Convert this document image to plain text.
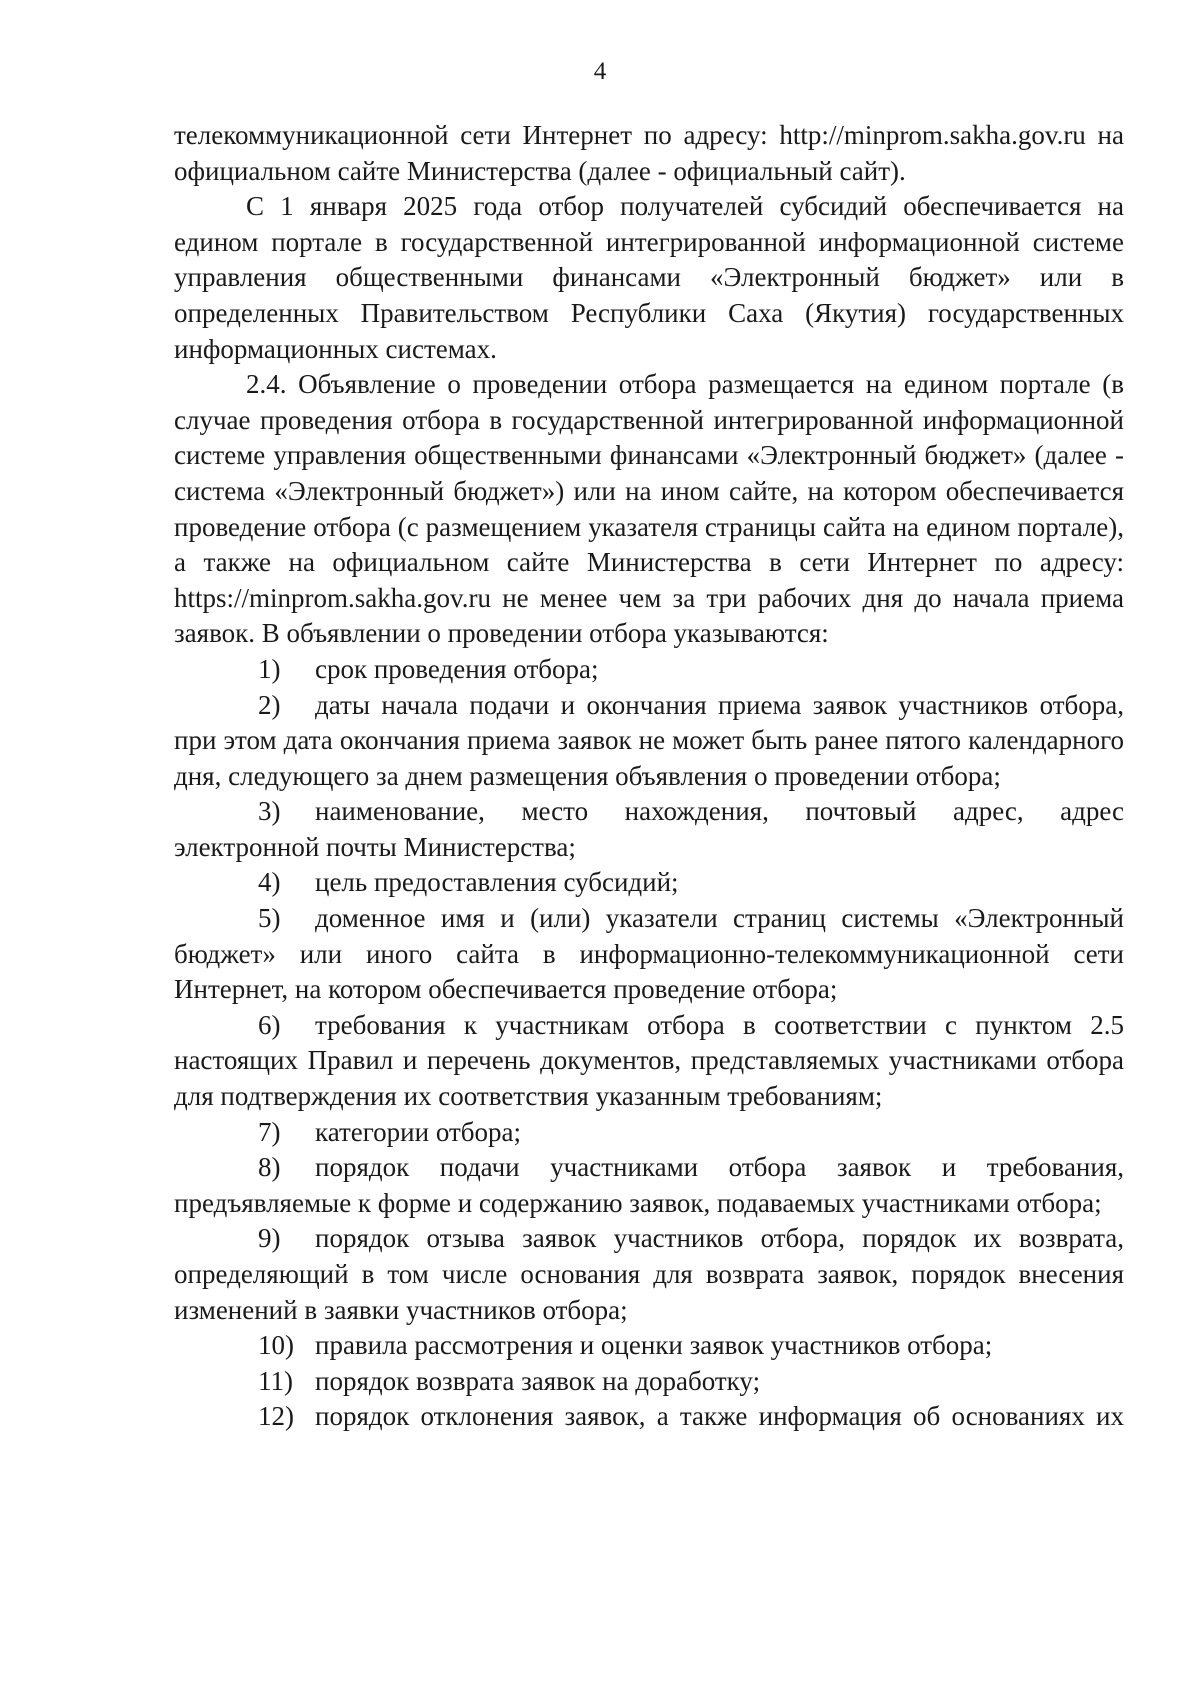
4

телекоммуникационной сети Интернет по адресу: http://minprom.sakha.gov.ru на официальном сайте Министерства (далее - официальный сайт).

С 1 января 2025 года отбор получателей субсидий обеспечивается на едином портале в государственной интегрированной информационной системе управления общественными финансами «Электронный бюджет» или в определенных Правительством Республики Саха (Якутия) государственных информационных системах.

2.4. Объявление о проведении отбора размещается на едином портале (в случае проведения отбора в государственной интегрированной информационной системе управления общественными финансами «Электронный бюджет» (далее - система «Электронный бюджет») или на ином сайте, на котором обеспечивается проведение отбора (с размещением указателя страницы сайта на едином портале), а также на официальном сайте Министерства в сети Интернет по адресу: https://minprom.sakha.gov.ru не менее чем за три рабочих дня до начала приема заявок. В объявлении о проведении отбора указываются:

1) срок проведения отбора;

2) даты начала подачи и окончания приема заявок участников отбора, при этом дата окончания приема заявок не может быть ранее пятого календарного дня, следующего за днем размещения объявления о проведении отбора;

3) наименование, место нахождения, почтовый адрес, адрес электронной почты Министерства;

4) цель предоставления субсидий;

5) доменное имя и (или) указатели страниц системы «Электронный бюджет» или иного сайта в информационно-телекоммуникационной сети Интернет, на котором обеспечивается проведение отбора;

6) требования к участникам отбора в соответствии с пунктом 2.5 настоящих Правил и перечень документов, представляемых участниками отбора для подтверждения их соответствия указанным требованиям;

7) категории отбора;

8) порядок подачи участниками отбора заявок и требования, предъявляемые к форме и содержанию заявок, подаваемых участниками отбора;

9) порядок отзыва заявок участников отбора, порядок их возврата, определяющий в том числе основания для возврата заявок, порядок внесения изменений в заявки участников отбора;

10) правила рассмотрения и оценки заявок участников отбора;

11) порядок возврата заявок на доработку;

12) порядок отклонения заявок, а также информация об основаниях их
